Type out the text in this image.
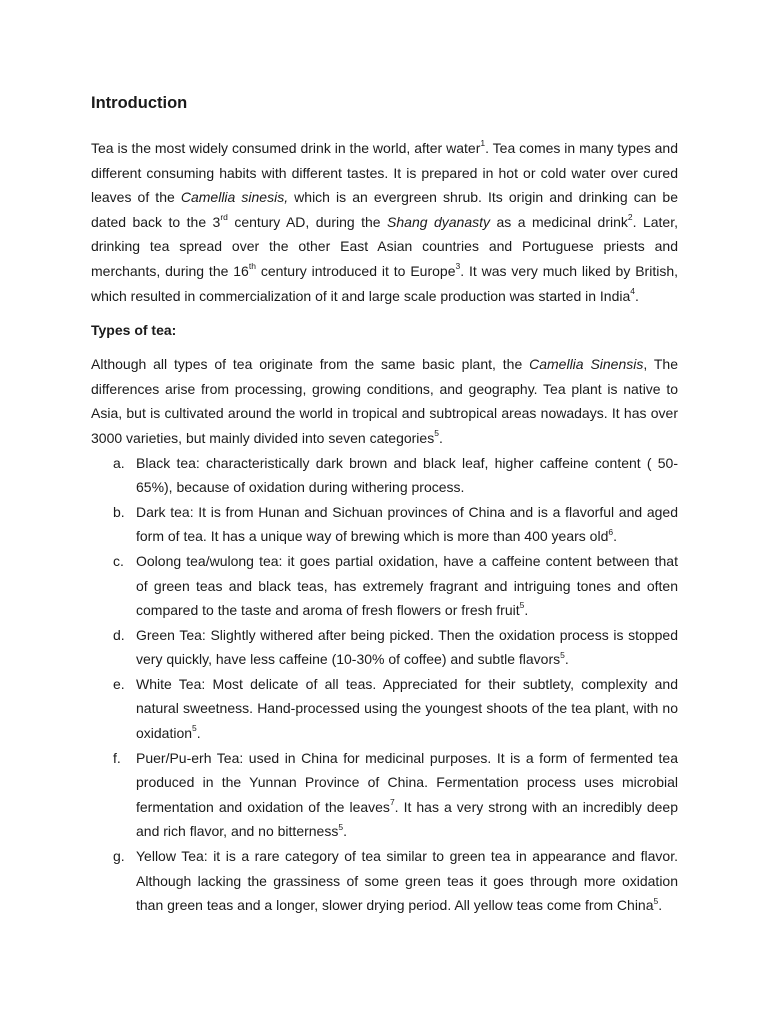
Introduction

Tea is the most widely consumed drink in the world, after water$^1$. Tea comes in many types and different consuming habits with different tastes. It is prepared in hot or cold water over cured leaves of the Camellia sinesis, which is an evergreen shrub. Its origin and drinking can be dated back to the 3rd century AD, during the Shang dyanasty as a medicinal drink$^2$. Later, drinking tea spread over the other East Asian countries and Portuguese priests and merchants, during the 16th century introduced it to Europe$^3$. It was very much liked by British, which resulted in commercialization of it and large scale production was started in India$^4$.

Types of tea:

Although all types of tea originate from the same basic plant, the Camellia Sinensis, The differences arise from processing, growing conditions, and geography. Tea plant is native to Asia, but is cultivated around the world in tropical and subtropical areas nowadays. It has over 3000 varieties, but mainly divided into seven categories$^5$.

a. Black tea: characteristically dark brown and black leaf, higher caffeine content ( 50-65%), because of oxidation during withering process.
b. Dark tea: It is from Hunan and Sichuan provinces of China and is a flavorful and aged form of tea. It has a unique way of brewing which is more than 400 years old$^6$.
c. Oolong tea/wulong tea: it goes partial oxidation, have a caffeine content between that of green teas and black teas, has extremely fragrant and intriguing tones and often compared to the taste and aroma of fresh flowers or fresh fruit$^5$.
d. Green Tea: Slightly withered after being picked. Then the oxidation process is stopped very quickly, have less caffeine (10-30% of coffee) and subtle flavors$^5$.
e. White Tea: Most delicate of all teas. Appreciated for their subtlety, complexity and natural sweetness. Hand-processed using the youngest shoots of the tea plant, with no oxidation$^5$.
f. Puer/Pu-erh Tea: used in China for medicinal purposes. It is a form of fermented tea produced in the Yunnan Province of China. Fermentation process uses microbial fermentation and oxidation of the leaves$^7$. It has a very strong with an incredibly deep and rich flavor, and no bitterness$^5$.
g. Yellow Tea: it is a rare category of tea similar to green tea in appearance and flavor. Although lacking the grassiness of some green teas it goes through more oxidation than green teas and a longer, slower drying period. All yellow teas come from China$^5$.
